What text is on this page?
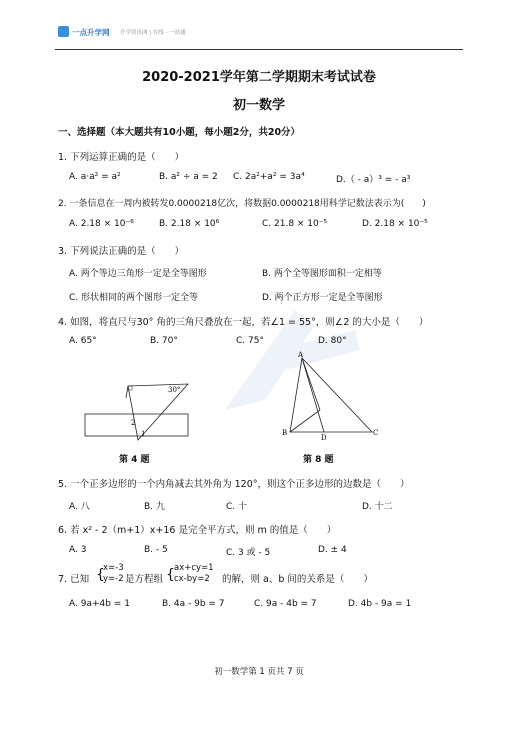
一点升学网 升学资讯网 | 在线 · 一站通
2020-2021学年第二学期期末考试试卷
初一数学
一、选择题（本大题共有10小题，每小题2分，共20分）
1. 下列运算正确的是（　　）
A. a·a² = a²	B. a² ÷ a = 2 C. 2a²+a² = 3a⁴	D.（ - a）³ = - a³
2. 一条信息在一周内被转发0.0000218亿次，将数据0.0000218用科学记数法表示为(　　)
A. 2.18 × 10⁻⁶	B. 2.18 × 10⁶	C. 21.8 × 10⁻⁵	D. 2.18 × 10⁻⁵
3. 下列说法正确的是（　　）
A. 两个等边三角形一定是全等图形	B. 两个全等图形面积一定相等
C. 形状相同的两个图形一定全等	D. 两个正方形一定是全等图形
4. 如图，将直尺与30° 角的三角尺叠放在一起，若∠1 = 55°，则∠2 的大小是（　　）
A. 65°	B. 70°	C. 75°	D. 80°
30°
2
1
第 4 题
A
B
D
C
第 8 题
5. 一个正多边形的一个内角减去其外角为 120°，则这个正多边形的边数是（　　）
A. 八	B. 九	C. 十	D. 十二
6. 若 x² - 2（m+1）x+16 是完全平方式，则 m 的值是（　　）
A. 3	B. - 5	C. 3 或 - 5	D. ± 4
7. 已知 {
x=-3
y=-2 是方程组 { ax+cy=1
cx-by=2	的解，则 a、b 间的关系是（　　）
A. 9a+4b = 1	B. 4a - 9b = 7	C. 9a - 4b = 7	D. 4b - 9a = 1
初一数学第 1 页共 7 页
